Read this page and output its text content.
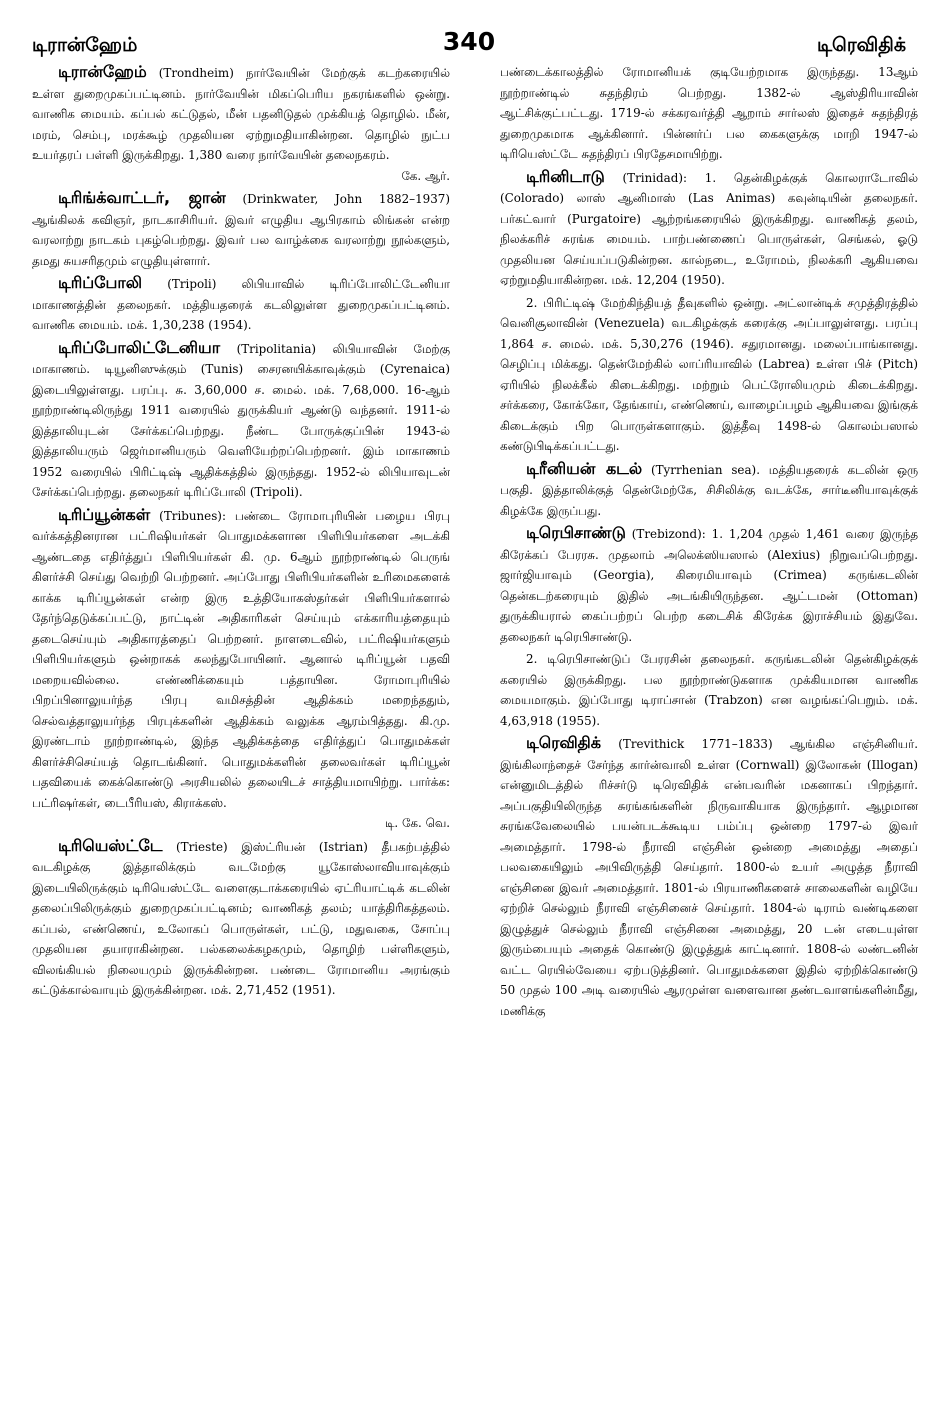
டிரான்ஹேம்	340	டிரெவிதிக்

டிரான்ஹேம் (Trondheim) நார்வேயின் மேற்குக் கடற்கரையில் உள்ள துறைமுகப்பட்டினம். நார்வேயின் மிகப்பெரிய நகரங்களில் ஒன்று. வாணிக மையம். கப்பல் கட்டுதல், மீன் பதனிடுதல் முக்கியத் தொழில். மீன், மரம், செம்பு, மரக்கூழ் முதலியன ஏற்றுமதியாகின்றன. தொழில் நுட்ப உயர்தரப் பள்ளி இருக்கிறது. 1,380 வரை நார்வேயின் தலைநகரம்.
கே. ஆர்.

டிரிங்க்வாட்டர், ஜான் (Drinkwater, John 1882–1937) ஆங்கிலக் கவிஞர், நாடகாசிரியர். இவர் எழுதிய ஆபிரகாம் லிங்கன் என்ற வரலாற்று நாடகம் புகழ்பெற்றது. இவர் பல வாழ்க்கை வரலாற்று நூல்களும், தமது சுயசரிதமும் எழுதியுள்ளார்.

டிரிப்போலி (Tripoli) லிபியாவில் டிரிப்போலிட்டேனியா மாகாணத்தின் தலைநகர். மத்தியதரைக் கடலிலுள்ள துறைமுகப்பட்டினம். வாணிக மையம். மக். 1,30,238 (1954).

டிரிப்போலிட்டேனியா (Tripolitania) லிபியாவின் மேற்கு மாகாணம். டியூனிஸுக்கும் (Tunis) சைரனயிக்காவுக்கும் (Cyrenaica) இடையிலுள்ளது. பரப்பு. சு. 3,60,000 ச. மைல். மக். 7,68,000. 16-ஆம் நூற்றாண்டிலிருந்து 1911 வரையில் துருக்கியர் ஆண்டு வந்தனர். 1911-ல் இத்தாலியுடன் சேர்க்கப்பெற்றது. நீண்ட போருக்குப்பின் 1943-ல் இத்தாலியரும் ஜெர்மானியரும் வெளியேற்றப்பெற்றனர். இம் மாகாணம் 1952 வரையில் பிரிட்டிஷ் ஆதிக்கத்தில் இருந்தது. 1952-ல் லிபியாவுடன் சேர்க்கப்பெற்றது. தலைநகர் டிரிப்போலி (Tripoli).

டிரிப்யூன்கள் (Tribunes): பண்டை ரோமாபுரியின் பழைய பிரபு வர்க்கத்தினரான பட்ரிஷியர்கள் பொதுமக்களான பிளிபியர்களை அடக்கி ஆண்டதை எதிர்த்துப் பிளிபியர்கள் கி. மு. 6ஆம் நூற்றாண்டில் பெருங் கிளர்ச்சி செய்து வெற்றி பெற்றனர். அப்போது பிளிபியர்களின் உரிமைகளைக் காக்க டிரிப்யூன்கள் என்ற இரு உத்தியோகஸ்தர்கள் பிளிபியர்களால் தேர்ந்தெடுக்கப்பட்டு, நாட்டின் அதிகாரிகள் செய்யும் எக்காரியத்தையும் தடைசெய்யும் அதிகாரத்தைப் பெற்றனர். நாளடைவில், பட்ரிஷியர்களும் பிளிபியர்களும் ஒன்றாகக் கலந்துபோயினர். ஆனால் டிரிப்யூன் பதவி மறையவில்லை. எண்ணிக்கையும் பத்தாயின. ரோமாபுரியில் பிறப்பினாலுயர்ந்த பிரபு வமிசத்தின் ஆதிக்கம் மறைந்ததும், செல்வத்தாலுயர்ந்த பிரபுக்களின் ஆதிக்கம் வலுக்க ஆரம்பித்தது. கி.மு. இரண்டாம் நூற்றாண்டில், இந்த ஆதிக்கத்தை எதிர்த்துப் பொதுமக்கள் கிளர்ச்சிசெய்யத் தொடங்கினர். பொதுமக்களின் தலைவர்கள் டிரிப்யூன் பதவியைக் கைக்கொண்டு அரசியலில் தலையிடச் சாத்தியமாயிற்று. பார்க்க: பட்ரிஷர்கள், டைபீரியஸ், கிராக்கஸ்.
டி. கே. வெ.

டிரியெஸ்ட்டே (Trieste) இஸ்ட்ரியன் (Istrian) தீபகற்பத்தில் வடகிழக்கு இத்தாலிக்கும் வடமேற்கு யூகோஸ்லாவியாவுக்கும் இடையிலிருக்கும் டிரியெஸ்ட்டே வளைகுடாக்கரையில் ஏட்ரியாட்டிக் கடலின் தலைப்பிலிருக்கும் துறைமுகப்பட்டினம்; வாணிகத் தலம்; யாத்திரிகத்தலம். கப்பல், எண்ணெய், உலோகப் பொருள்கள், பட்டு, மதுவகை, சோப்பு முதலியன தயாராகின்றன. பல்கலைக்கழகமும், தொழிற் பள்ளிகளும், விலங்கியல் நிலையமும் இருக்கின்றன. பண்டை ரோமானிய அரங்கும் கட்டுக்கால்வாயும் இருக்கின்றன. மக். 2,71,452 (1951).

பண்டைக்காலத்தில் ரோமானியக் குடியேற்றமாக இருந்தது. 13ஆம் நூற்றாண்டில் சுதந்திரம் பெற்றது. 1382-ல் ஆஸ்திரியாவின் ஆட்சிக்குட்பட்டது. 1719-ல் சக்கரவர்த்தி ஆறாம் சார்லஸ் இதைச் சுதந்திரத் துறைமுகமாக ஆக்கினார். பின்னர்ப் பல கைகளுக்கு மாறி 1947-ல் டிரியெஸ்ட்டே சுதந்திரப் பிரதேசமாயிற்று.

டிரினிடாடு (Trinidad): 1. தென்கிழக்குக் கொலராடோவில் (Colorado) லாஸ் ஆனிமாஸ் (Las Animas) கவுன்டியின் தலைநகர். பர்கட்வார் (Purgatoire) ஆற்றங்கரையில் இருக்கிறது. வாணிகத் தலம், நிலக்கரிச் சுரங்க மையம். பாற்பண்ணைப் பொருள்கள், செங்கல், ஓடு முதலியன செய்யப்படுகின்றன. கால்நடை, உரோமம், நிலக்கரி ஆகியவை ஏற்றுமதியாகின்றன. மக். 12,204 (1950).

2. பிரிட்டிஷ் மேற்கிந்தியத் தீவுகளில் ஒன்று. அட்லான்டிக் சமுத்திரத்தில் வெனிசூலாவின் (Venezuela) வடகிழக்குக் கரைக்கு அப்பாலுள்ளது. பரப்பு 1,864 ச. மைல். மக். 5,30,276 (1946). சதுரமானது. மலைப்பாங்கானது. செழிப்பு மிக்கது. தென்மேற்கில் லாப்ரியாவில் (Labrea) உள்ள பிச் (Pitch) ஏரியில் நிலக்கீல் கிடைக்கிறது. மற்றும் பெட்ரோலியமும் கிடைக்கிறது. சர்க்கரை, கோக்கோ, தேங்காய், எண்ணெய், வாழைப்பழம் ஆகியவை இங்குக் கிடைக்கும் பிற பொருள்களாகும். இத்தீவு 1498-ல் கொலம்பஸால் கண்டுபிடிக்கப்பட்டது.

டிரீனியன் கடல் (Tyrrhenian sea). மத்தியதரைக் கடலின் ஒரு பகுதி. இத்தாலிக்குத் தென்மேற்கே, சிசிலிக்கு வடக்கே, சார்டீனியாவுக்குக் கிழக்கே இருப்பது.

டிரெபிசாண்டு (Trebizond): 1. 1,204 முதல் 1,461 வரை இருந்த கிரேக்கப் பேரரசு. முதலாம் அலெக்ஸியஸால் (Alexius) நிறுவப்பெற்றது. ஜார்ஜியாவும் (Georgia), கிரைமியாவும் (Crimea) கருங்கடலின் தென்கடற்கரையும் இதில் அடங்கியிருந்தன. ஆட்டமன் (Ottoman) துருக்கியரால் கைப்பற்றப் பெற்ற கடைசிக் கிரேக்க இராச்சியம் இதுவே. தலைநகர் டிரெபிசாண்டு.

2. டிரெபிசாண்டுப் பேரரசின் தலைநகர். கருங்கடலின் தென்கிழக்குக் கரையில் இருக்கிறது. பல நூற்றாண்டுகளாக முக்கியமான வாணிக மையமாகும். இப்போது டிராப்சான் (Trabzon) என வழங்கப்பெறும். மக். 4,63,918 (1955).

டிரெவிதிக் (Trevithick 1771–1833) ஆங்கில எஞ்சினியர். இங்கிலாந்தைச் சேர்ந்த கார்ன்வாலி உள்ள (Cornwall) இலோகன் (Illogan) என்னுமிடத்தில் ரிச்சர்டு டிரெவிதிக் என்பவரின் மகனாகப் பிறந்தார். அப்பகுதியிலிருந்த சுரங்கங்களின் நிருவாகியாக இருந்தார். ஆழமான சுரங்கவேலையில் பயன்படக்கூடிய பம்ப்பு ஒன்றை 1797-ல் இவர் அமைத்தார். 1798-ல் நீராவி எஞ்சின் ஒன்றை அமைத்து அதைப் பலவகையிலும் அபிவிருத்தி செய்தார். 1800-ல் உயர் அழுத்த நீராவி எஞ்சினை இவர் அமைத்தார். 1801-ல் பிரயாணிகளைச் சாலைகளின் வழியே ஏற்றிச் செல்லும் நீராவி எஞ்சினைச் செய்தார். 1804-ல் டிராம் வண்டிகளை இழுத்துச் செல்லும் நீராவி எஞ்சினை அமைத்து, 20 டன் எடையுள்ள இரும்பையும் அதைக் கொண்டு இழுத்துக் காட்டினார். 1808-ல் லண்டனின் வட்ட ரெயில்வேயை ஏற்படுத்தினர். பொதுமக்களை இதில் ஏற்றிக்கொண்டு 50 முதல் 100 அடி வரையில் ஆரமுள்ள வளைவான தண்டவாளங்களின்மீது, மணிக்கு
